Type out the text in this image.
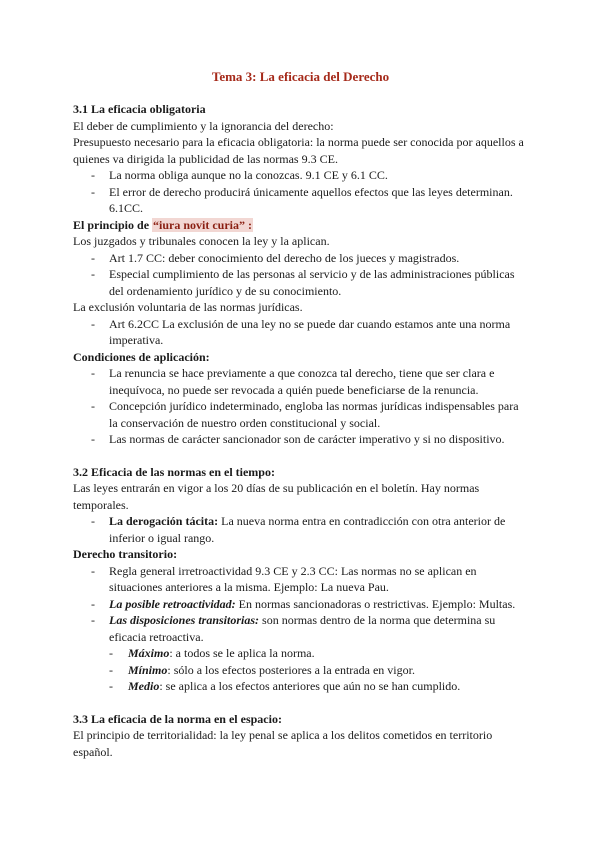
Tema 3: La eficacia del Derecho
3.1 La eficacia obligatoria

El deber de cumplimiento y la ignorancia del derecho:

Presupuesto necesario para la eficacia obligatoria: la norma puede ser conocida por aquellos a quienes va dirigida la publicidad de las normas 9.3 CE.

- La norma obliga aunque no la conozcas. 9.1 CE y 6.1 CC.
- El error de derecho producirá únicamente aquellos efectos que las leyes determinan. 6.1CC.
El principio de “iura novit curia” :

Los juzgados y tribunales conocen la ley y la aplican.

- Art 1.7 CC: deber conocimiento del derecho de los jueces y magistrados.
- Especial cumplimiento de las personas al servicio y de las administraciones públicas del ordenamiento jurídico y de su conocimiento.

La exclusión voluntaria de las normas jurídicas.

- Art 6.2CC La exclusión de una ley no se puede dar cuando estamos ante una norma imperativa.
Condiciones de aplicación:
- La renuncia se hace previamente a que conozca tal derecho, tiene que ser clara e inequívoca, no puede ser revocada a quién puede beneficiarse de la renuncia.
- Concepción jurídico indeterminado, engloba las normas jurídicas indispensables para la conservación de nuestro orden constitucional y social.
- Las normas de carácter sancionador son de carácter imperativo y si no dispositivo.
3.2 Eficacia de las normas en el tiempo:

Las leyes entrarán en vigor a los 20 días de su publicación en el boletín. Hay normas temporales.

- La derogación tácita: La nueva norma entra en contradicción con otra anterior de inferior o igual rango.
Derecho transitorio:
- Regla general irretroactividad 9.3 CE y 2.3 CC: Las normas no se aplican en situaciones anteriores a la misma. Ejemplo: La nueva Pau.
- La posible retroactividad: En normas sancionadoras o restrictivas. Ejemplo: Multas.
- Las disposiciones transitorias: son normas dentro de la norma que determina su eficacia retroactiva.
- Máximo: a todos se le aplica la norma.
- Mínimo: sólo a los efectos posteriores a la entrada en vigor.
- Medio: se aplica a los efectos anteriores que aún no se han cumplido.
3.3 La eficacia de la norma en el espacio:

El principio de territorialidad: la ley penal se aplica a los delitos cometidos en territorio español.
